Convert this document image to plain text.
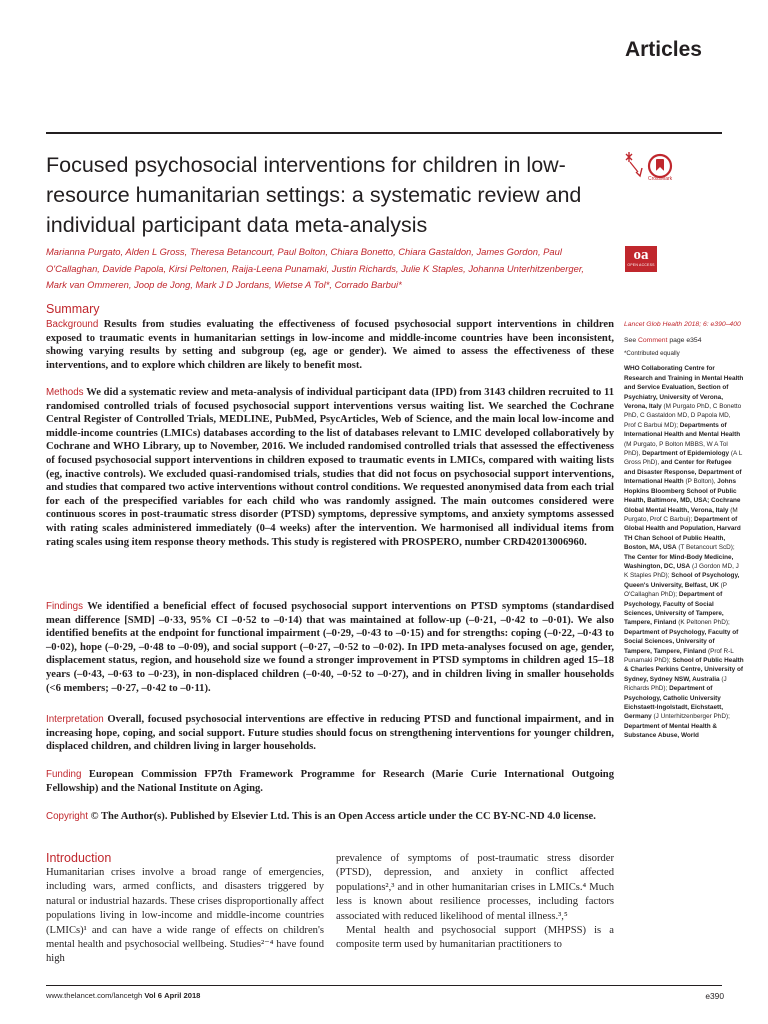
Articles
Focused psychosocial interventions for children in low-resource humanitarian settings: a systematic review and individual participant data meta-analysis
CrossMark
oa
OPEN ACCESS
Marianna Purgato, Alden L Gross, Theresa Betancourt, Paul Bolton, Chiara Bonetto, Chiara Gastaldon, James Gordon, Paul O'Callaghan, Davide Papola, Kirsi Peltonen, Raija-Leena Punamaki, Justin Richards, Julie K Staples, Johanna Unterhitzenberger, Mark van Ommeren, Joop de Jong, Mark J D Jordans, Wietse A Tol*, Corrado Barbui*
Summary

Background Results from studies evaluating the effectiveness of focused psychosocial support interventions in children exposed to traumatic events in humanitarian settings in low-income and middle-income countries have been inconsistent, showing varying results by setting and subgroup (eg, age or gender). We aimed to assess the effectiveness of these interventions, and to explore which children are likely to benefit most.

Methods We did a systematic review and meta-analysis of individual participant data (IPD) from 3143 children recruited to 11 randomised controlled trials of focused psychosocial support interventions versus waiting list. We searched the Cochrane Central Register of Controlled Trials, MEDLINE, PubMed, PsycArticles, Web of Science, and the main local low-income and middle-income countries (LMICs) databases according to the list of databases relevant to LMIC developed collaboratively by Cochrane and WHO Library, up to November, 2016. We included randomised controlled trials that assessed the effectiveness of focused psychosocial support interventions in children exposed to traumatic events in LMICs, compared with waiting lists (eg, inactive controls). We excluded quasi-randomised trials, studies that did not focus on psychosocial support interventions, and studies that compared two active interventions without control conditions. We requested anonymised data from each trial for each of the prespecified variables for each child who was randomly assigned. The main outcomes considered were continuous scores in post-traumatic stress disorder (PTSD) symptoms, depressive symptoms, and anxiety symptoms assessed with rating scales administered immediately (0–4 weeks) after the intervention. We harmonised all individual items from rating scales using item response theory methods. This study is registered with PROSPERO, number CRD42013006960.

Findings We identified a beneficial effect of focused psychosocial support interventions on PTSD symptoms (standardised mean difference [SMD] –0·33, 95% CI –0·52 to –0·14) that was maintained at follow-up (–0·21, –0·42 to –0·01). We also identified benefits at the endpoint for functional impairment (–0·29, –0·43 to –0·15) and for strengths: coping (–0·22, –0·43 to –0·02), hope (–0·29, –0·48 to –0·09), and social support (–0·27, –0·52 to –0·02). In IPD meta-analyses focused on age, gender, displacement status, region, and household size we found a stronger improvement in PTSD symptoms in children aged 15–18 years (–0·43, –0·63 to –0·23), in non-displaced children (–0·40, –0·52 to –0·27), and in children living in smaller households (<6 members; –0·27, –0·42 to –0·11).

Interpretation Overall, focused psychosocial interventions are effective in reducing PTSD and functional impairment, and in increasing hope, coping, and social support. Future studies should focus on strengthening interventions for younger children, displaced children, and children living in larger households.

Funding European Commission FP7th Framework Programme for Research (Marie Curie International Outgoing Fellowship) and the National Institute on Aging.

Copyright © The Author(s). Published by Elsevier Ltd. This is an Open Access article under the CC BY-NC-ND 4.0 license.

Introduction

Humanitarian crises involve a broad range of emergencies, including wars, armed conflicts, and disasters triggered by natural or industrial hazards. These crises disproportionally affect populations living in low-income and middle-income countries (LMICs)¹ and can have a wide range of effects on children's mental health and psychosocial wellbeing. Studies²⁻⁴ have found high

prevalence of symptoms of post-traumatic stress disorder (PTSD), depression, and anxiety in conflict affected populations²,³ and in other humanitarian crises in LMICs.⁴ Much less is known about resilience processes, including factors associated with reduced likelihood of mental illness.³,⁵

Mental health and psychosocial support (MHPSS) is a composite term used by humanitarian practitioners to

Lancet Glob Health 2018; 6: e390–400
See Comment page e354
*Contributed equally
WHO Collaborating Centre for Research and Training in Mental Health and Service Evaluation, Section of Psychiatry, University of Verona, Verona, Italy (M Purgato PhD, C Bonetto PhD, C Gastaldon MD, D Papola MD, Prof C Barbui MD); Departments of International Health and Mental Health (M Purgato, P Bolton MBBS, W A Tol PhD), Department of Epidemiology (A L Gross PhD), and Center for Refugee and Disaster Response, Department of International Health (P Bolton), Johns Hopkins Bloomberg School of Public Health, Baltimore, MD, USA; Cochrane Global Mental Health, Verona, Italy (M Purgato, Prof C Barbui); Department of Global Health and Population, Harvard TH Chan School of Public Health, Boston, MA, USA (T Betancourt ScD); The Center for Mind-Body Medicine, Washington, DC, USA (J Gordon MD, J K Staples PhD); School of Psychology, Queen's University, Belfast, UK (P O'Callaghan PhD); Department of Psychology, Faculty of Social Sciences, University of Tampere, Tampere, Finland (K Peltonen PhD); Department of Psychology, Faculty of Social Sciences, University of Tampere, Tampere, Finland (Prof R-L Punamaki PhD); School of Public Health & Charles Perkins Centre, University of Sydney, Sydney NSW, Australia (J Richards PhD); Department of Psychology, Catholic University Eichstaett-Ingolstadt, Eichstaett, Germany (J Unterhitzenberger PhD); Department of Mental Health & Substance Abuse, World
www.thelancet.com/lancetgh Vol 6 April 2018	e390
